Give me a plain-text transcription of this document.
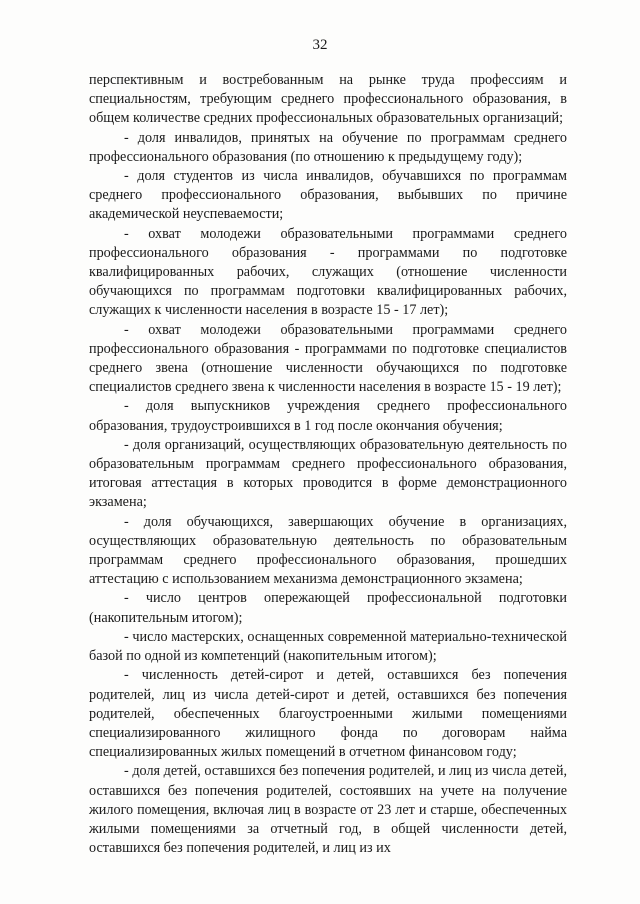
32

перспективным и востребованным на рынке труда профессиям и специальностям, требующим среднего профессионального образования, в общем количестве средних профессиональных образовательных организаций;

- доля инвалидов, принятых на обучение по программам среднего профессионального образования (по отношению к предыдущему году);

- доля студентов из числа инвалидов, обучавшихся по программам среднего профессионального образования, выбывших по причине академической неуспеваемости;

- охват молодежи образовательными программами среднего профессионального образования - программами по подготовке квалифицированных рабочих, служащих (отношение численности обучающихся по программам подготовки квалифицированных рабочих, служащих к численности населения в возрасте 15 - 17 лет);

- охват молодежи образовательными программами среднего профессионального образования - программами по подготовке специалистов среднего звена (отношение численности обучающихся по подготовке специалистов среднего звена к численности населения в возрасте 15 - 19 лет);

- доля выпускников учреждения среднего профессионального образования, трудоустроившихся в 1 год после окончания обучения;

- доля организаций, осуществляющих образовательную деятельность по образовательным программам среднего профессионального образования, итоговая аттестация в которых проводится в форме демонстрационного экзамена;

- доля обучающихся, завершающих обучение в организациях, осуществляющих образовательную деятельность по образовательным программам среднего профессионального образования, прошедших аттестацию с использованием механизма демонстрационного экзамена;

- число центров опережающей профессиональной подготовки (накопительным итогом);

- число мастерских, оснащенных современной материально-технической базой по одной из компетенций (накопительным итогом);

- численность детей-сирот и детей, оставшихся без попечения родителей, лиц из числа детей-сирот и детей, оставшихся без попечения родителей, обеспеченных благоустроенными жилыми помещениями специализированного жилищного фонда по договорам найма специализированных жилых помещений в отчетном финансовом году;

- доля детей, оставшихся без попечения родителей, и лиц из числа детей, оставшихся без попечения родителей, состоявших на учете на получение жилого помещения, включая лиц в возрасте от 23 лет и старше, обеспеченных жилыми помещениями за отчетный год, в общей численности детей, оставшихся без попечения родителей, и лиц из их
